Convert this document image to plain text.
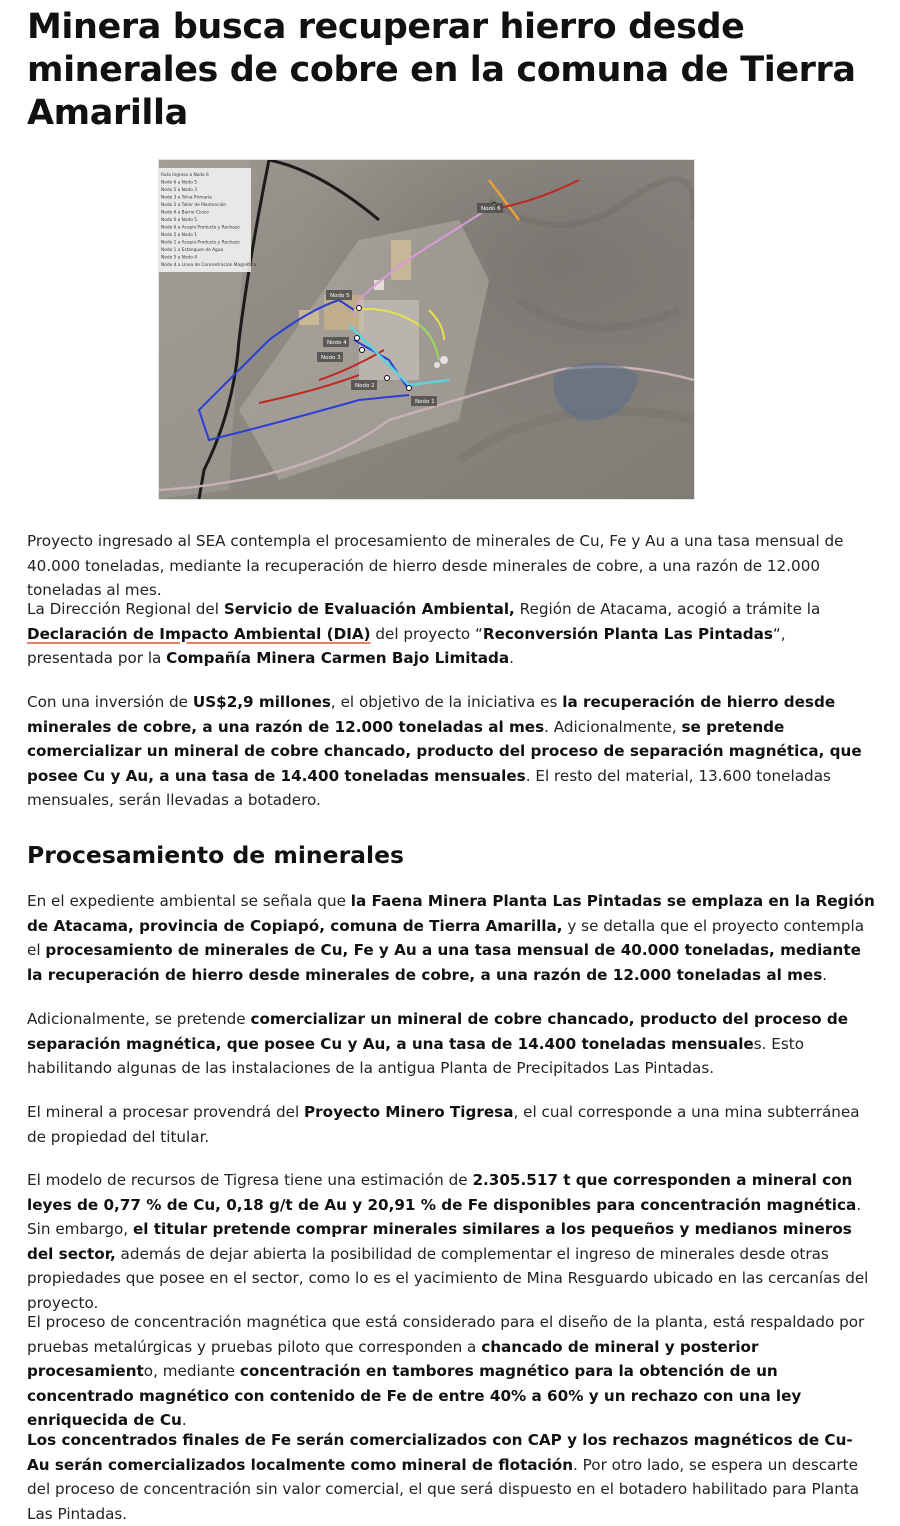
Minera busca recuperar hierro desde minerales de cobre en la comuna de Tierra Amarilla
Nodo 6
Nodo 5
Nodo 4
Nodo 3
Nodo 2
Nodo 1
Ruta Ingreso a Nodo 6
Nodo 6 a Nodo 5
Nodo 5 a Nodo 3
Nodo 3 a Tolva Primaria
Nodo 2 a Taller de Mantención
Nodo 6 a Barrio Cívico
Nodo 6 a Nodo 5
Nodo 6 a Acopio Producto y Rechazo
Nodo 5 a Nodo 1
Nodo 1 a Acopio Producto y Rechazo
Nodo 1 a Estanques de Agua
Nodo 5 a Nodo 4
Nodo 4 a Línea de Concentración Magnética

Proyecto ingresado al SEA contempla el procesamiento de minerales de Cu, Fe y Au a una tasa mensual de 40.000 toneladas, mediante la recuperación de hierro desde minerales de cobre, a una razón de 12.000 toneladas al mes.

La Dirección Regional del Servicio de Evaluación Ambiental, Región de Atacama, acogió a trámite la Declaración de Impacto Ambiental (DIA) del proyecto “Reconversión Planta Las Pintadas“, presentada por la Compañía Minera Carmen Bajo Limitada.

Con una inversión de US$2,9 millones, el objetivo de la iniciativa es la recuperación de hierro desde minerales de cobre, a una razón de 12.000 toneladas al mes. Adicionalmente, se pretende comercializar un mineral de cobre chancado, producto del proceso de separación magnética, que posee Cu y Au, a una tasa de 14.400 toneladas mensuales. El resto del material, 13.600 toneladas mensuales, serán llevadas a botadero.

Procesamiento de minerales

En el expediente ambiental se señala que la Faena Minera Planta Las Pintadas se emplaza en la Región de Atacama, provincia de Copiapó, comuna de Tierra Amarilla, y se detalla que el proyecto contempla el procesamiento de minerales de Cu, Fe y Au a una tasa mensual de 40.000 toneladas, mediante la recuperación de hierro desde minerales de cobre, a una razón de 12.000 toneladas al mes.

Adicionalmente, se pretende comercializar un mineral de cobre chancado, producto del proceso de separación magnética, que posee Cu y Au, a una tasa de 14.400 toneladas mensuales. Esto habilitando algunas de las instalaciones de la antigua Planta de Precipitados Las Pintadas.

El mineral a procesar provendrá del Proyecto Minero Tigresa, el cual corresponde a una mina subterránea de propiedad del titular.

El modelo de recursos de Tigresa tiene una estimación de 2.305.517 t que corresponden a mineral con leyes de 0,77 % de Cu, 0,18 g/t de Au y 20,91 % de Fe disponibles para concentración magnética. Sin embargo, el titular pretende comprar minerales similares a los pequeños y medianos mineros del sector, además de dejar abierta la posibilidad de complementar el ingreso de minerales desde otras propiedades que posee en el sector, como lo es el yacimiento de Mina Resguardo ubicado en las cercanías del proyecto.

El proceso de concentración magnética que está considerado para el diseño de la planta, está respaldado por pruebas metalúrgicas y pruebas piloto que corresponden a chancado de mineral y posterior procesamiento, mediante concentración en tambores magnético para la obtención de un concentrado magnético con contenido de Fe de entre 40% a 60% y un rechazo con una ley enriquecida de Cu.

Los concentrados finales de Fe serán comercializados con CAP y los rechazos magnéticos de Cu-Au serán comercializados localmente como mineral de flotación. Por otro lado, se espera un descarte del proceso de concentración sin valor comercial, el que será dispuesto en el botadero habilitado para Planta Las Pintadas.
